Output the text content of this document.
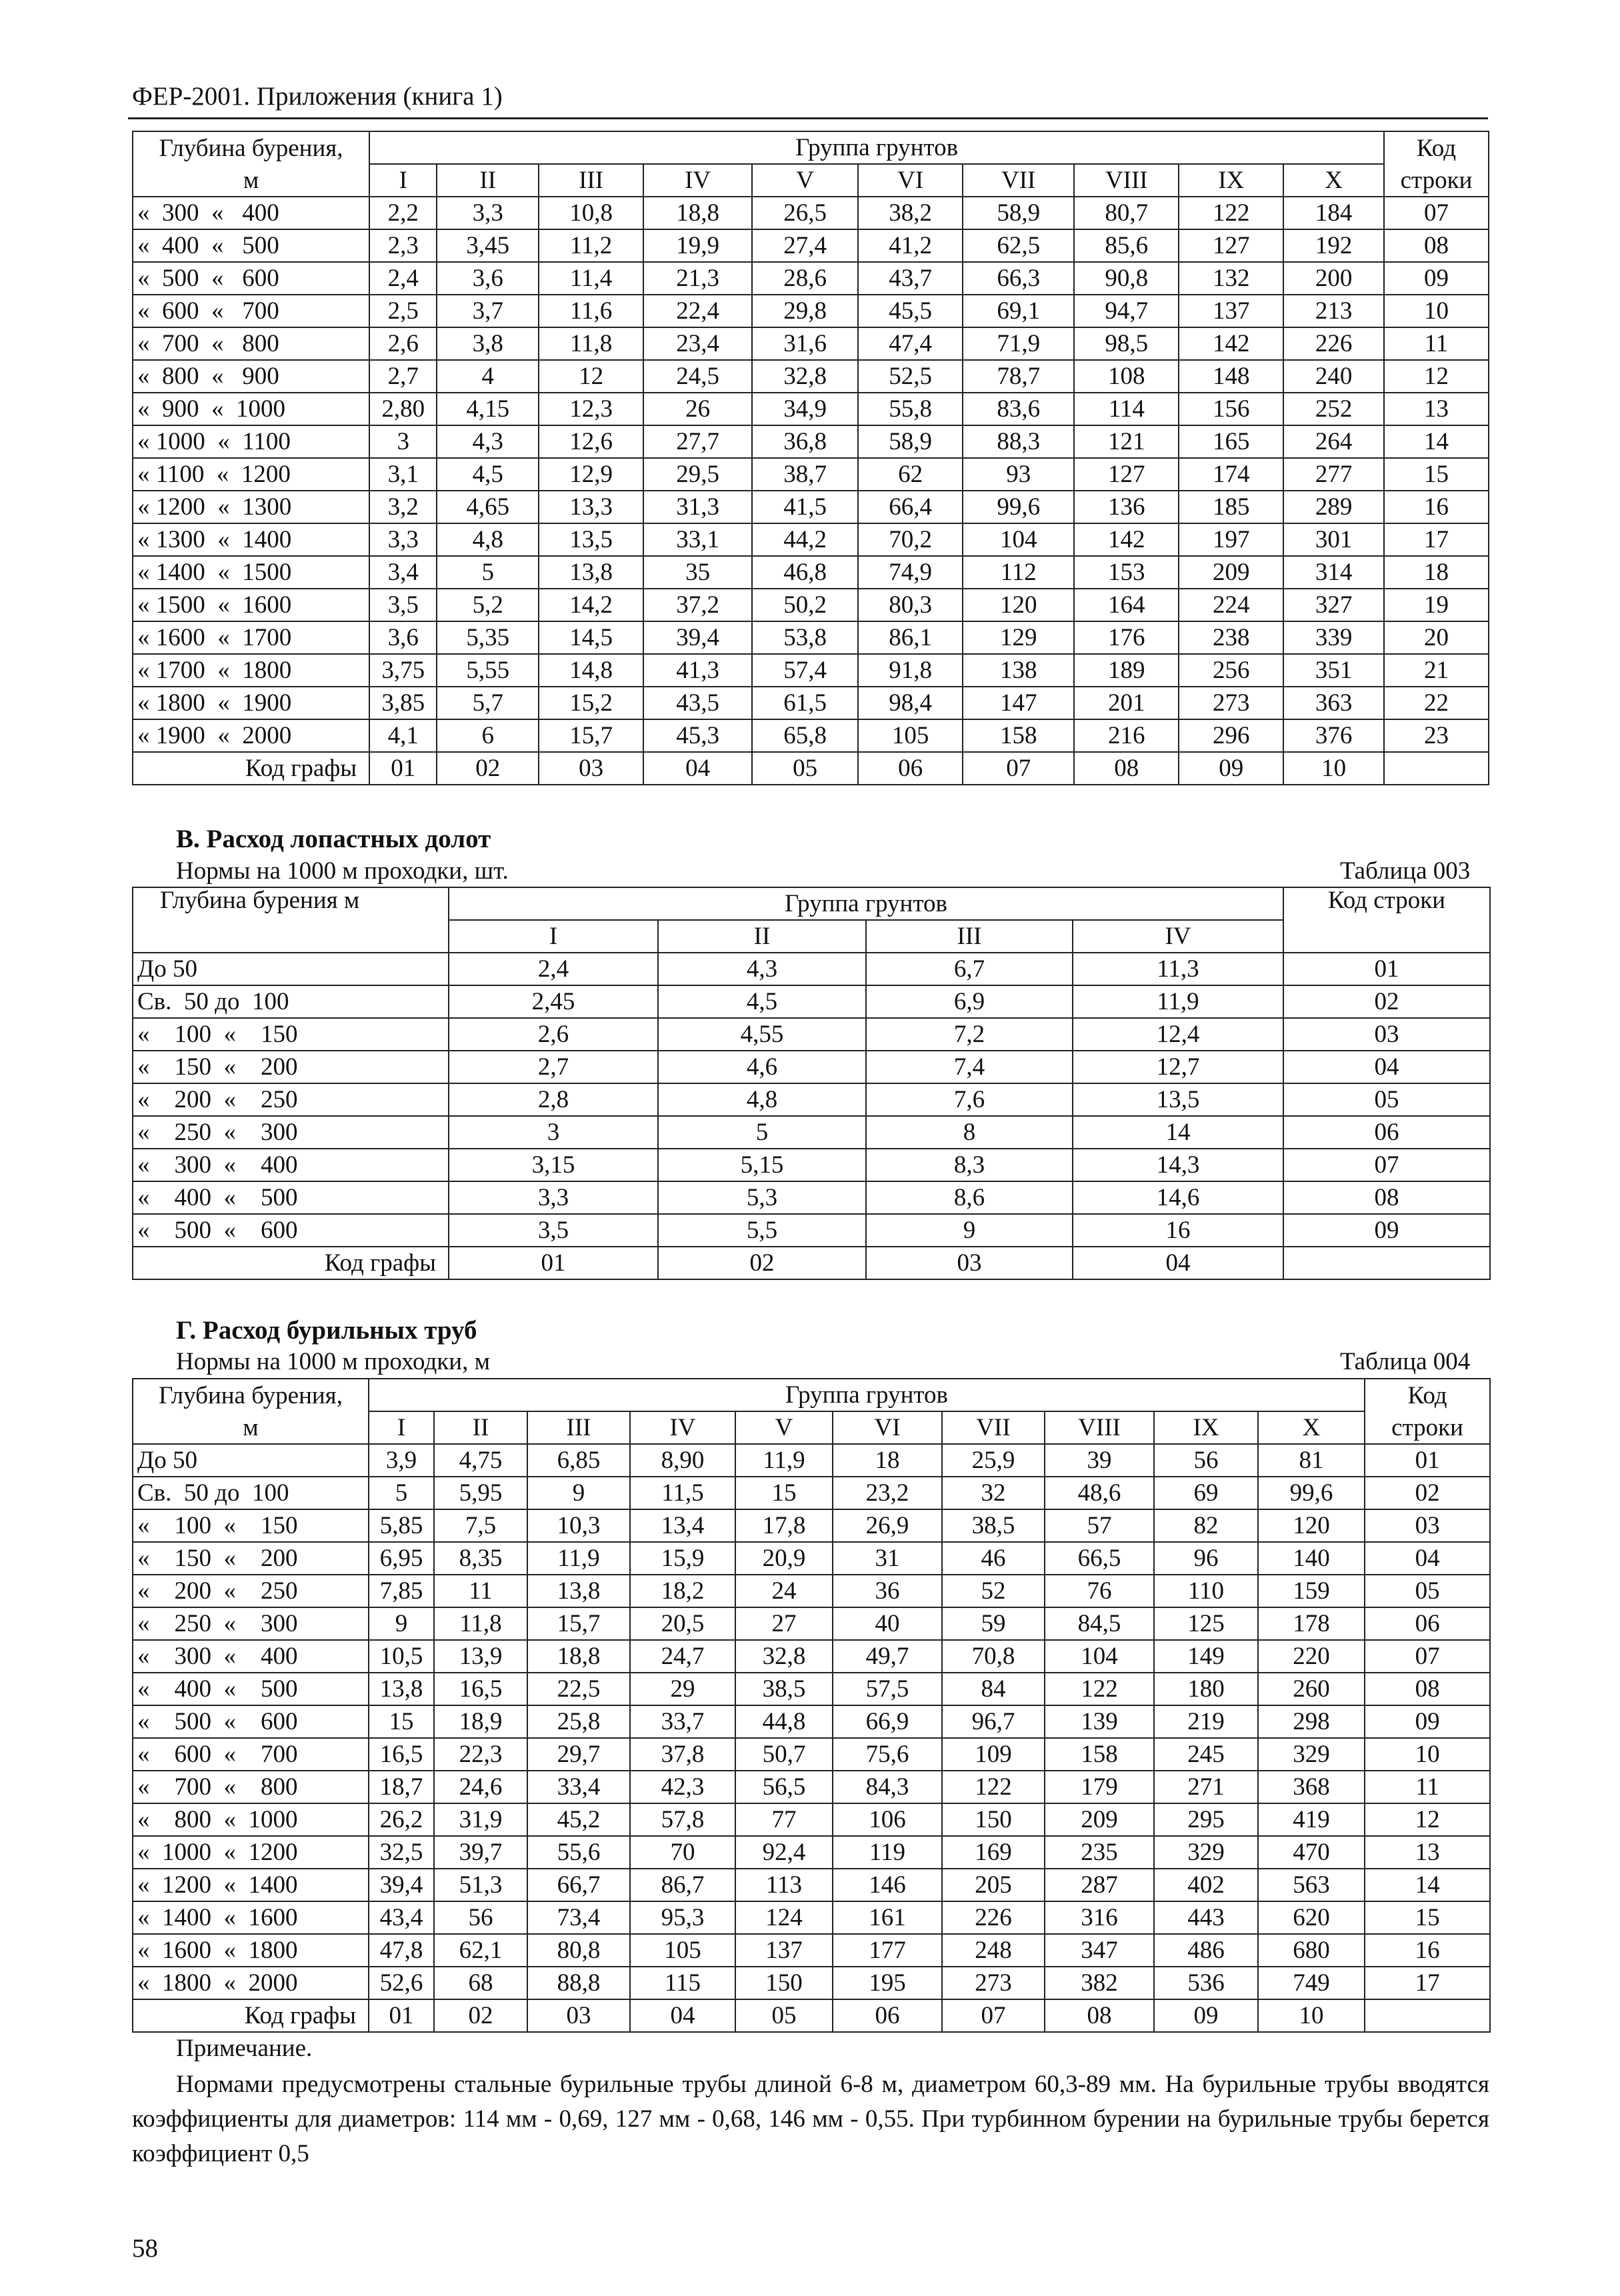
ФЕР-2001. Приложения (книга 1)
Глубина бурения,	Группа грунтов										Код
м	I	II	III	IV	V	VI	VII	VIII	IX	X	строки
«  300  «   400	2,2	3,3	10,8	18,8	26,5	38,2	58,9	80,7	122	184	07
«  400  «   500	2,3	3,45	11,2	19,9	27,4	41,2	62,5	85,6	127	192	08
«  500  «   600	2,4	3,6	11,4	21,3	28,6	43,7	66,3	90,8	132	200	09
«  600  «   700	2,5	3,7	11,6	22,4	29,8	45,5	69,1	94,7	137	213	10
«  700  «   800	2,6	3,8	11,8	23,4	31,6	47,4	71,9	98,5	142	226	11
«  800  «   900	2,7	4	12	24,5	32,8	52,5	78,7	108	148	240	12
«  900  «  1000	2,80	4,15	12,3	26	34,9	55,8	83,6	114	156	252	13
« 1000  «  1100	3	4,3	12,6	27,7	36,8	58,9	88,3	121	165	264	14
« 1100  «  1200	3,1	4,5	12,9	29,5	38,7	62	93	127	174	277	15
« 1200  «  1300	3,2	4,65	13,3	31,3	41,5	66,4	99,6	136	185	289	16
« 1300  «  1400	3,3	4,8	13,5	33,1	44,2	70,2	104	142	197	301	17
« 1400  «  1500	3,4	5	13,8	35	46,8	74,9	112	153	209	314	18
« 1500  «  1600	3,5	5,2	14,2	37,2	50,2	80,3	120	164	224	327	19
« 1600  «  1700	3,6	5,35	14,5	39,4	53,8	86,1	129	176	238	339	20
« 1700  «  1800	3,75	5,55	14,8	41,3	57,4	91,8	138	189	256	351	21
« 1800  «  1900	3,85	5,7	15,2	43,5	61,5	98,4	147	201	273	363	22
« 1900  «  2000	4,1	6	15,7	45,3	65,8	105	158	216	296	376	23
Код графы	01	02	03	04	05	06	07	08	09	10	
В. Расход лопастных долот
Нормы на 1000 м проходки, шт.	Таблица 003
Глубина бурения м	Группа грунтов				Код строки
	I	II	III	IV	
До 50	2,4	4,3	6,7	11,3	01
Св.  50 до  100	2,45	4,5	6,9	11,9	02
«    100  «    150	2,6	4,55	7,2	12,4	03
«    150  «    200	2,7	4,6	7,4	12,7	04
«    200  «    250	2,8	4,8	7,6	13,5	05
«    250  «    300	3	5	8	14	06
«    300  «    400	3,15	5,15	8,3	14,3	07
«    400  «    500	3,3	5,3	8,6	14,6	08
«    500  «    600	3,5	5,5	9	16	09
Код графы	01	02	03	04	
Г. Расход бурильных труб
Нормы на 1000 м проходки, м	Таблица 004
Глубина бурения,	Группа грунтов										Код
м	I	II	III	IV	V	VI	VII	VIII	IX	X	строки
До 50	3,9	4,75	6,85	8,90	11,9	18	25,9	39	56	81	01
Св.  50 до  100	5	5,95	9	11,5	15	23,2	32	48,6	69	99,6	02
«    100  «    150	5,85	7,5	10,3	13,4	17,8	26,9	38,5	57	82	120	03
«    150  «    200	6,95	8,35	11,9	15,9	20,9	31	46	66,5	96	140	04
«    200  «    250	7,85	11	13,8	18,2	24	36	52	76	110	159	05
«    250  «    300	9	11,8	15,7	20,5	27	40	59	84,5	125	178	06
«    300  «    400	10,5	13,9	18,8	24,7	32,8	49,7	70,8	104	149	220	07
«    400  «    500	13,8	16,5	22,5	29	38,5	57,5	84	122	180	260	08
«    500  «    600	15	18,9	25,8	33,7	44,8	66,9	96,7	139	219	298	09
«    600  «    700	16,5	22,3	29,7	37,8	50,7	75,6	109	158	245	329	10
«    700  «    800	18,7	24,6	33,4	42,3	56,5	84,3	122	179	271	368	11
«    800  «  1000	26,2	31,9	45,2	57,8	77	106	150	209	295	419	12
«  1000  «  1200	32,5	39,7	55,6	70	92,4	119	169	235	329	470	13
«  1200  «  1400	39,4	51,3	66,7	86,7	113	146	205	287	402	563	14
«  1400  «  1600	43,4	56	73,4	95,3	124	161	226	316	443	620	15
«  1600  «  1800	47,8	62,1	80,8	105	137	177	248	347	486	680	16
«  1800  «  2000	52,6	68	88,8	115	150	195	273	382	536	749	17
Код графы	01	02	03	04	05	06	07	08	09	10	
Примечание.
Нормами предусмотрены стальные бурильные трубы длиной 6-8 м, диаметром 60,3-89 мм. На бурильные трубы вводятся коэффициенты для диаметров: 114 мм - 0,69, 127 мм - 0,68, 146 мм - 0,55. При турбинном бурении на бурильные трубы берется коэффициент 0,5
58
